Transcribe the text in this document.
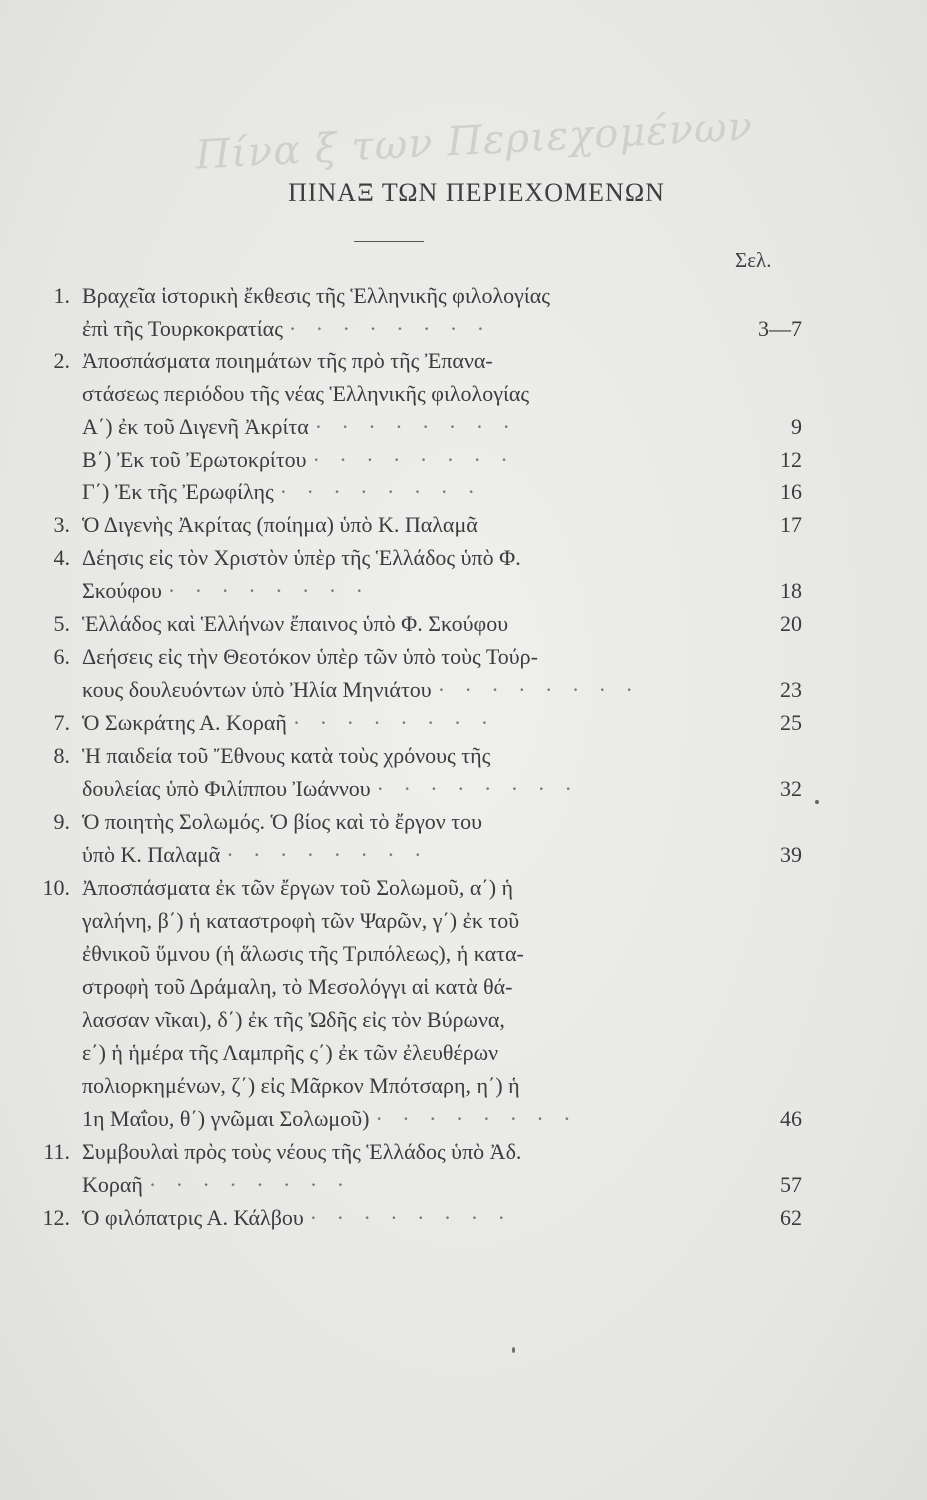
Πίνα ξ των Περιεχομένων
ΠΙΝΑΞ ΤΩΝ ΠΕΡΙΕΧΟΜΕΝΩΝ
Σελ.
1. Βραχεῖα ἱστορικὴ ἔκθεσις τῆς Ἑλληνικῆς φιλολογίας
ἐπὶ τῆς Τουρκοκρατίας · · · · · · · ·	3—7
2. Ἀποσπάσματα ποιημάτων τῆς πρὸ τῆς Ἐπανα-
στάσεως περιόδου τῆς νέας Ἑλληνικῆς φιλολογίας
Α΄) ἐκ τοῦ Διγενῆ Ἀκρίτα · · · · · · · ·	9
Β΄) Ἐκ τοῦ Ἐρωτοκρίτου · · · · · · · ·	12
Γ΄) Ἐκ τῆς Ἐρωφίλης · · · · · · · ·	16
3. Ὁ Διγενὴς Ἀκρίτας (ποίημα) ὑπὸ Κ. Παλαμᾶ	17
4. Δέησις εἰς τὸν Χριστὸν ὑπὲρ τῆς Ἑλλάδος ὑπὸ Φ.
Σκούφου · · · · · · · ·	18
5. Ἑλλάδος καὶ Ἑλλήνων ἔπαινος ὑπὸ Φ. Σκούφου	20
6. Δεήσεις εἰς τὴν Θεοτόκον ὑπὲρ τῶν ὑπὸ τοὺς Τούρ-
κους δουλευόντων ὑπὸ Ἠλία Μηνιάτου · · · · · · · ·	23
7. Ὁ Σωκράτης Α. Κοραῆ · · · · · · · ·	25
8. Ἡ παιδεία τοῦ Ἔθνους κατὰ τοὺς χρόνους τῆς
δουλείας ὑπὸ Φιλίππου Ἰωάννου · · · · · · · ·	32
9. Ὁ ποιητὴς Σολωμός. Ὁ βίος καὶ τὸ ἔργον του
ὑπὸ Κ. Παλαμᾶ · · · · · · · ·	39
10. Ἀποσπάσματα ἐκ τῶν ἔργων τοῦ Σολωμοῦ, α΄) ἡ
γαλήνη, β΄) ἡ καταστροφὴ τῶν Ψαρῶν, γ΄) ἐκ τοῦ
ἐθνικοῦ ὕμνου (ἡ ἅλωσις τῆς Τριπόλεως), ἡ κατα-
στροφὴ τοῦ Δράμαλη, τὸ Μεσολόγγι αἱ κατὰ θά-
λασσαν νῖκαι), δ΄) ἐκ τῆς Ὠδῆς εἰς τὸν Βύρωνα,
ε΄) ἡ ἡμέρα τῆς Λαμπρῆς ς΄) ἐκ τῶν ἐλευθέρων
πολιορκημένων, ζ΄) εἰς Μᾶρκον Μπότσαρη, η΄) ἡ
1η Μαΐου, θ΄) γνῶμαι Σολωμοῦ) · · · · · · · ·	46
11. Συμβουλαὶ πρὸς τοὺς νέους τῆς Ἑλλάδος ὑπὸ Ἀδ.
Κοραῆ · · · · · · · ·	57
12. Ὁ φιλόπατρις Α. Κάλβου · · · · · · · ·	62
